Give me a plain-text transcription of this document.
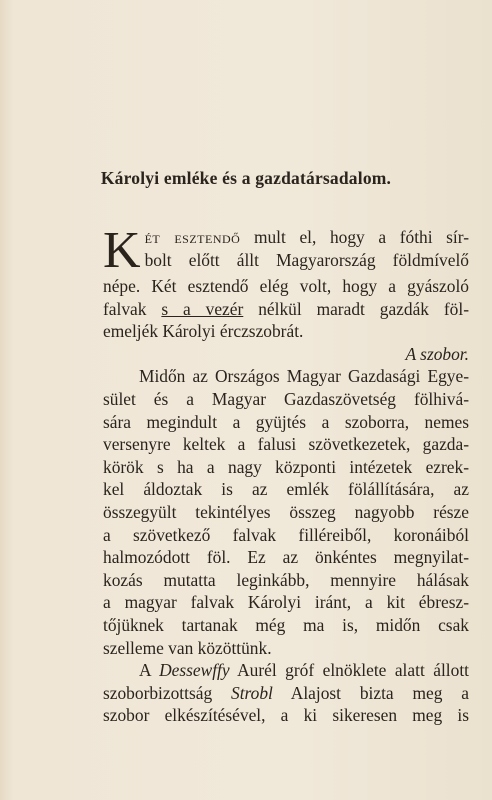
Károlyi emléke és a gazdatársadalom.
K ét esztendő mult el, hogy a fóthi sír-
bolt előtt állt Magyarország földmívelő
népe. Két esztendő elég volt, hogy a gyászoló
falvak s a vezér nélkül maradt gazdák föl-
emeljék Károlyi érczszobrát.
A szobor.
Midőn az Országos Magyar Gazdasági Egye-
sület és a Magyar Gazdaszövetség fölhivá-
sára megindult a gyüjtés a szoborra, nemes
versenyre keltek a falusi szövetkezetek, gazda-
körök s ha a nagy központi intézetek ezrek-
kel áldoztak is az emlék fölállítására, az
összegyült tekintélyes összeg nagyobb része
a szövetkező falvak filléreiből, koronáiból
halmozódott föl. Ez az önkéntes megnyilat-
kozás mutatta leginkább, mennyire hálásak
a magyar falvak Károlyi iránt, a kit ébresz-
tőjüknek tartanak még ma is, midőn csak
szelleme van közöttünk.
A Dessewffy Aurél gróf elnöklete alatt állott
szoborbizottság Strobl Alajost bizta meg a
szobor elkészítésével, a ki sikeresen meg is
